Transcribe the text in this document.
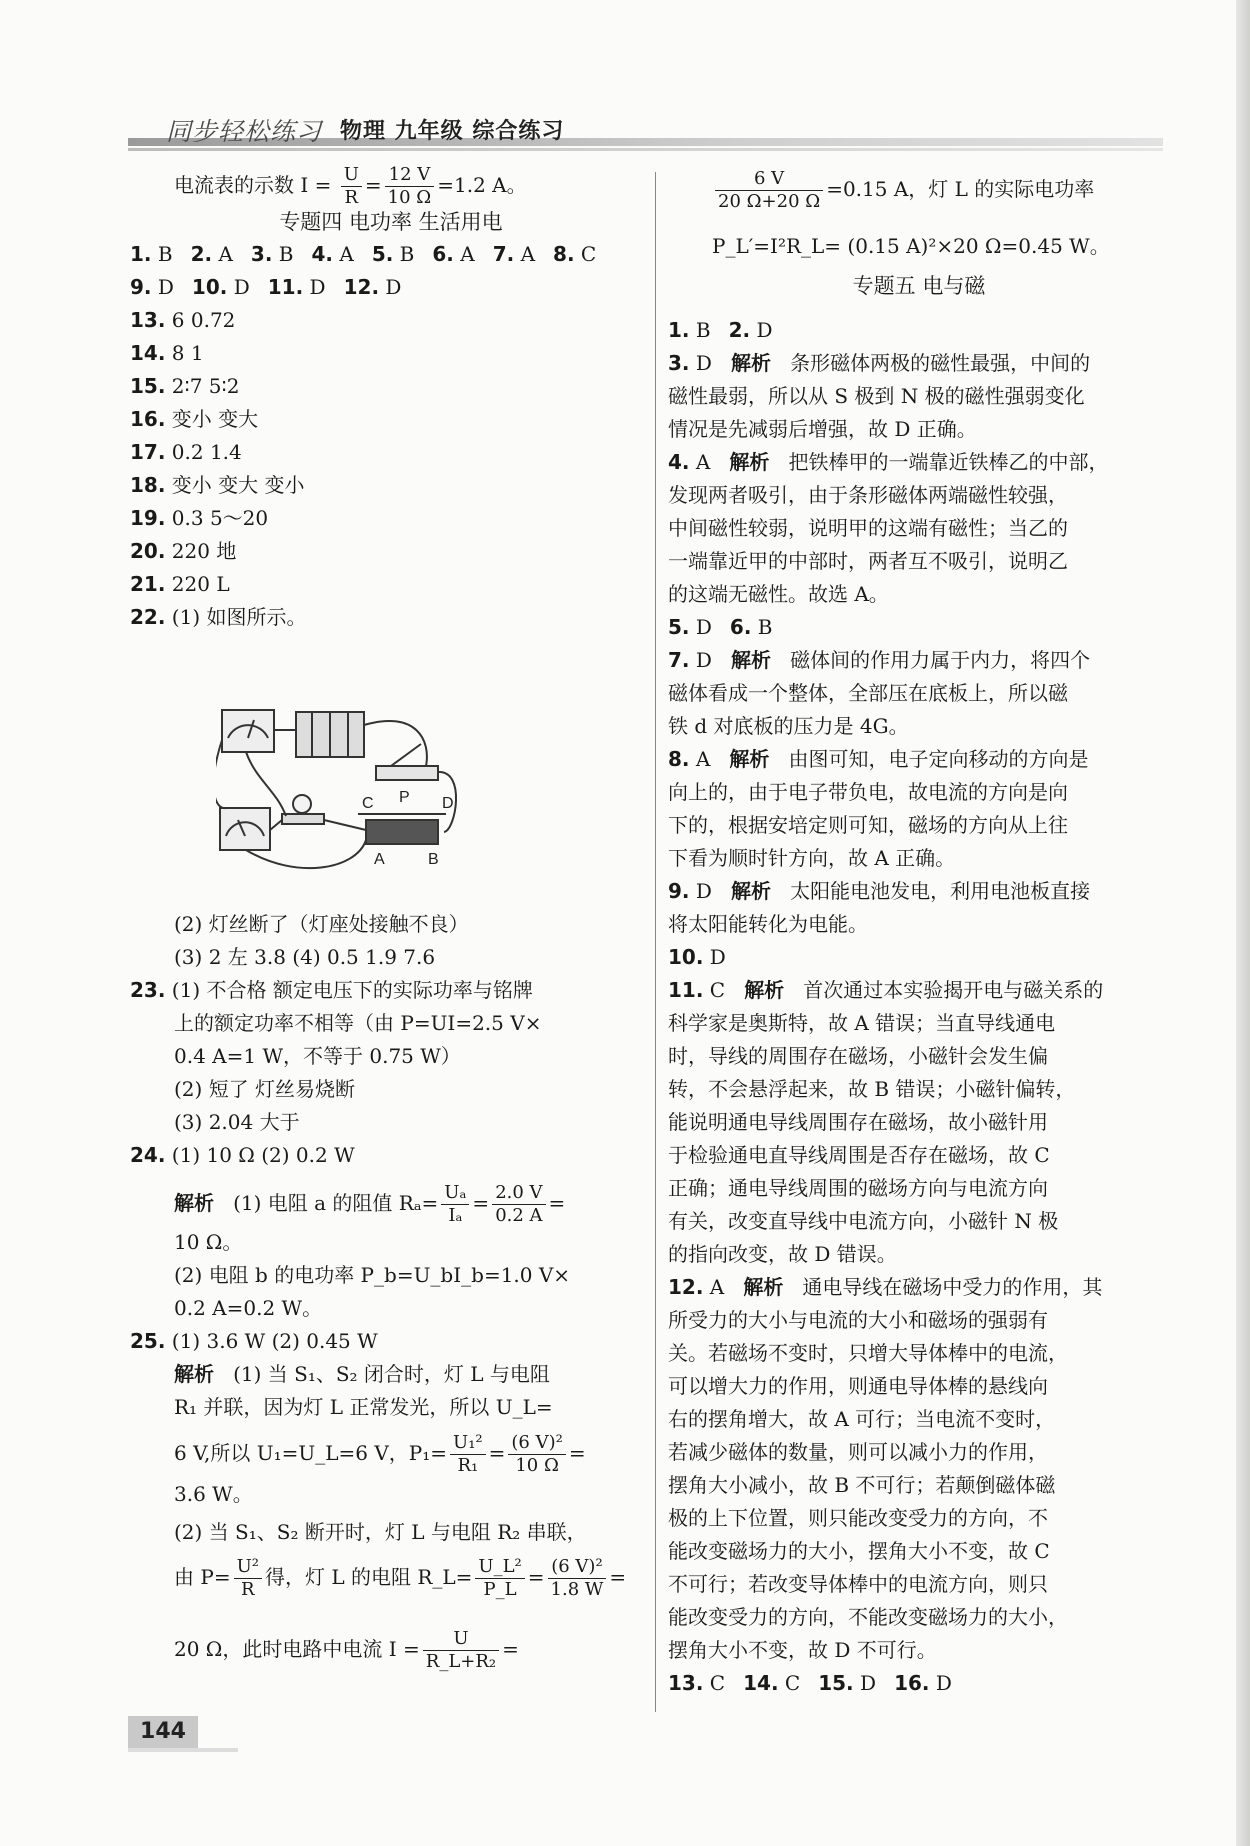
同步轻松练习 物理 九年级 综合练习
电流表的示数 $I = \frac{U}{R} = \frac{12 V}{10 \Omega} =1.2$ A。
专题四 电功率 生活用电
1. B 2. A 3. B 4. A 5. B 6. A 7. A 8. C
9. D 10. D 11. D 12. D
13. 6 0.72
14. 8 1
15. 2∶7 5∶2
16. 变小 变大
17. 0.2 1.4
18. 变小 变大 变小
19. 0.3 5～20
20. 220 地
21. 220 L
22. (1) 如图所示。
(2) 灯丝断了（灯座处接触不良）
(3) 2 左 3.8 (4) 0.5 1.9 7.6
23. (1) 不合格 额定电压下的实际功率与铭牌
上的额定功率不相等（由 P=UI=2.5 V×
0.4 A=1 W，不等于 0.75 W）
(2) 短了 灯丝易烧断
(3) 2.04 大于
24. (1) 10 Ω (2) 0.2 W
解析 (1) 电阻 a 的阻值 $R_a= \frac{\text{Uₐ}}{\text{Iₐ}} = \frac{2.0 V}{0.2 A}$ =
10 Ω。
(2) 电阻 b 的电功率 P_b=U_bI_b=1.0 V×
0.2 A=0.2 W。
25. (1) 3.6 W (2) 0.45 W
解析 (1) 当 S₁、S₂ 闭合时，灯 L 与电阻
R₁ 并联，因为灯 L 正常发光，所以 U_L=
6 V,所以 U₁=U_L=6 V，$P_1= \frac{\text{U₁²}}{\text{R₁}} = \frac{\text{(6 V)²}}{10 \Omega}$ =
3.6 W。
(2) 当 S₁、S₂ 断开时，灯 L 与电阻 R₂ 串联，
由 $P= \frac{\text{U²}}{R}$ 得，灯 L 的电阻 R_L= $\frac{\text{U\_L²}}{P\_L} = \frac{\text{(6 V)²}}{1.8 W}$ =
20 Ω，此时电路中电流 $I = \frac{U}{\text{R\_L+R₂}}$ =
C P D
A	B
$\frac{6 V}{20 \Omega+20 \Omega} =0.15$ A，灯 L 的实际电功率
P_L′=I²R_L= (0.15 A)²×20 Ω=0.45 W。
专题五 电与磁
1. B 2. D
3. D 解析 条形磁体两极的磁性最强，中间的
磁性最弱，所以从 S 极到 N 极的磁性强弱变化
情况是先减弱后增强，故 D 正确。
4. A 解析 把铁棒甲的一端靠近铁棒乙的中部，
发现两者吸引，由于条形磁体两端磁性较强，
中间磁性较弱，说明甲的这端有磁性；当乙的
一端靠近甲的中部时，两者互不吸引，说明乙
的这端无磁性。故选 A。
5. D 6. B
7. D 解析 磁体间的作用力属于内力，将四个
磁体看成一个整体，全部压在底板上，所以磁
铁 d 对底板的压力是 4G。
8. A 解析 由图可知，电子定向移动的方向是
向上的，由于电子带负电，故电流的方向是向
下的，根据安培定则可知，磁场的方向从上往
下看为顺时针方向，故 A 正确。
9. D 解析 太阳能电池发电，利用电池板直接
将太阳能转化为电能。
10. D
11. C 解析 首次通过本实验揭开电与磁关系的
科学家是奥斯特，故 A 错误；当直导线通电
时，导线的周围存在磁场，小磁针会发生偏
转，不会悬浮起来，故 B 错误；小磁针偏转，
能说明通电导线周围存在磁场，故小磁针用
于检验通电直导线周围是否存在磁场，故 C
正确；通电导线周围的磁场方向与电流方向
有关，改变直导线中电流方向，小磁针 N 极
的指向改变，故 D 错误。
12. A 解析 通电导线在磁场中受力的作用，其
所受力的大小与电流的大小和磁场的强弱有
关。若磁场不变时，只增大导体棒中的电流，
可以增大力的作用，则通电导体棒的悬线向
右的摆角增大，故 A 可行；当电流不变时，
若减少磁体的数量，则可以减小力的作用，
摆角大小减小，故 B 不可行；若颠倒磁体磁
极的上下位置，则只能改变受力的方向，不
能改变磁场力的大小，摆角大小不变，故 C
不可行；若改变导体棒中的电流方向，则只
能改变受力的方向，不能改变磁场力的大小，
摆角大小不变，故 D 不可行。
13. C 14. C 15. D 16. D
144
